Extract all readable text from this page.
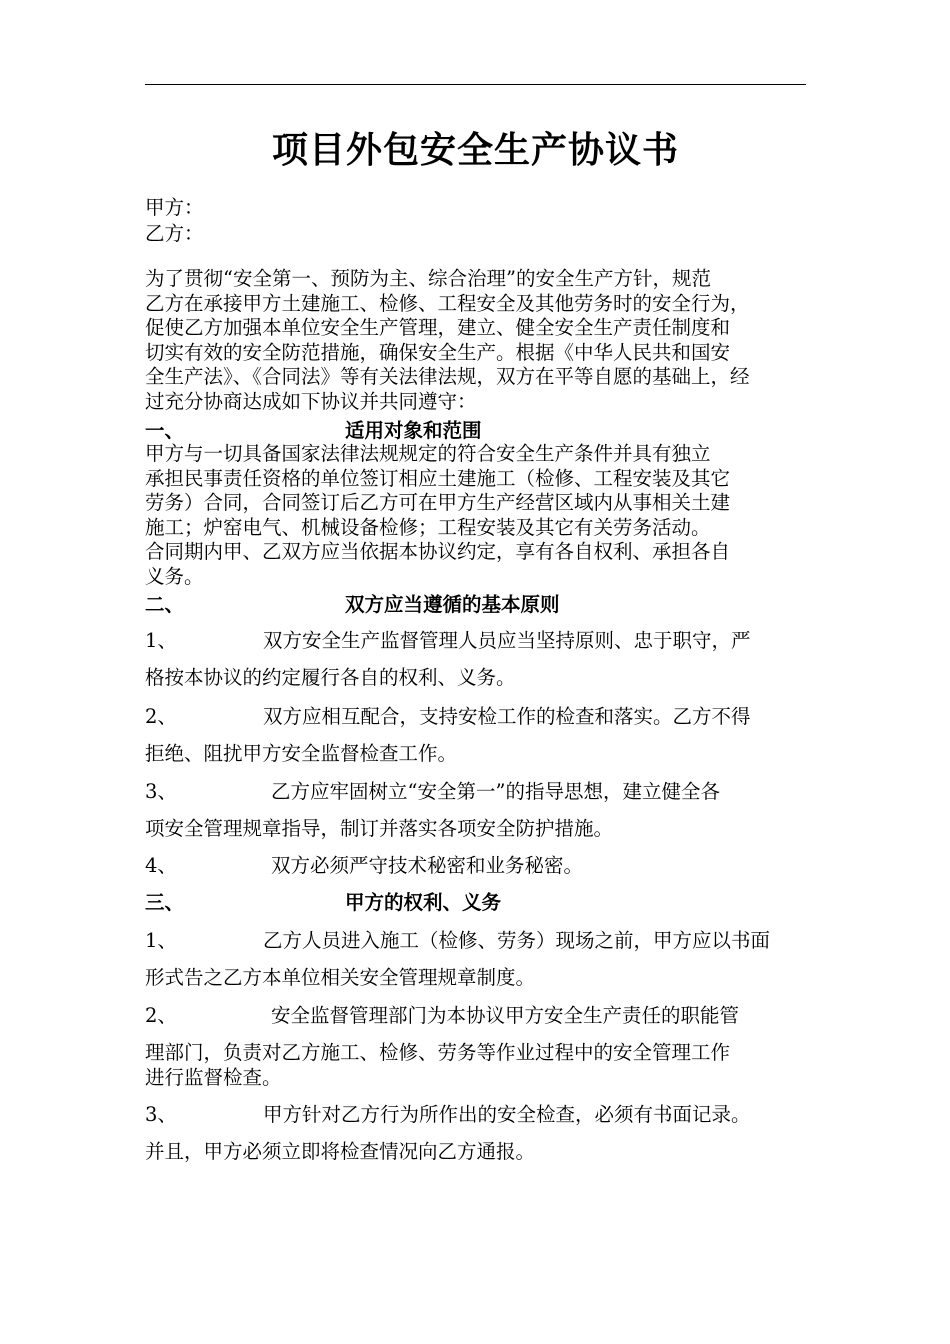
项目外包安全生产协议书
甲方：
乙方：

为了贯彻“安全第一、预防为主、综合治理”的安全生产方针，规范

乙方在承接甲方土建施工、检修、工程安全及其他劳务时的安全行为，

促使乙方加强本单位安全生产管理，建立、健全安全生产责任制度和

切实有效的安全防范措施，确保安全生产。根据《中华人民共和国安

全生产法》、《合同法》等有关法律法规，双方在平等自愿的基础上，经

过充分协商达成如下协议并共同遵守：

一、	适用对象和范围

甲方与一切具备国家法律法规规定的符合安全生产条件并具有独立

承担民事责任资格的单位签订相应土建施工（检修、工程安装及其它

劳务）合同，合同签订后乙方可在甲方生产经营区域内从事相关土建

施工；炉窑电气、机械设备检修；工程安装及其它有关劳务活动。

合同期内甲、乙双方应当依据本协议约定，享有各自权利、承担各自

义务。

二、	双方应当遵循的基本原则

1、	双方安全生产监督管理人员应当坚持原则、忠于职守，严

格按本协议的约定履行各自的权利、义务。

2、	双方应相互配合，支持安检工作的检查和落实。乙方不得

拒绝、阻扰甲方安全监督检查工作。

3、	乙方应牢固树立“安全第一”的指导思想，建立健全各

项安全管理规章指导，制订并落实各项安全防护措施。

4、	双方必须严守技术秘密和业务秘密。

三、	甲方的权利、义务

1、	乙方人员进入施工（检修、劳务）现场之前，甲方应以书面

形式告之乙方本单位相关安全管理规章制度。

2、	安全监督管理部门为本协议甲方安全生产责任的职能管

理部门，负责对乙方施工、检修、劳务等作业过程中的安全管理工作

进行监督检查。

3、	甲方针对乙方行为所作出的安全检查，必须有书面记录。

并且，甲方必须立即将检查情况向乙方通报。
